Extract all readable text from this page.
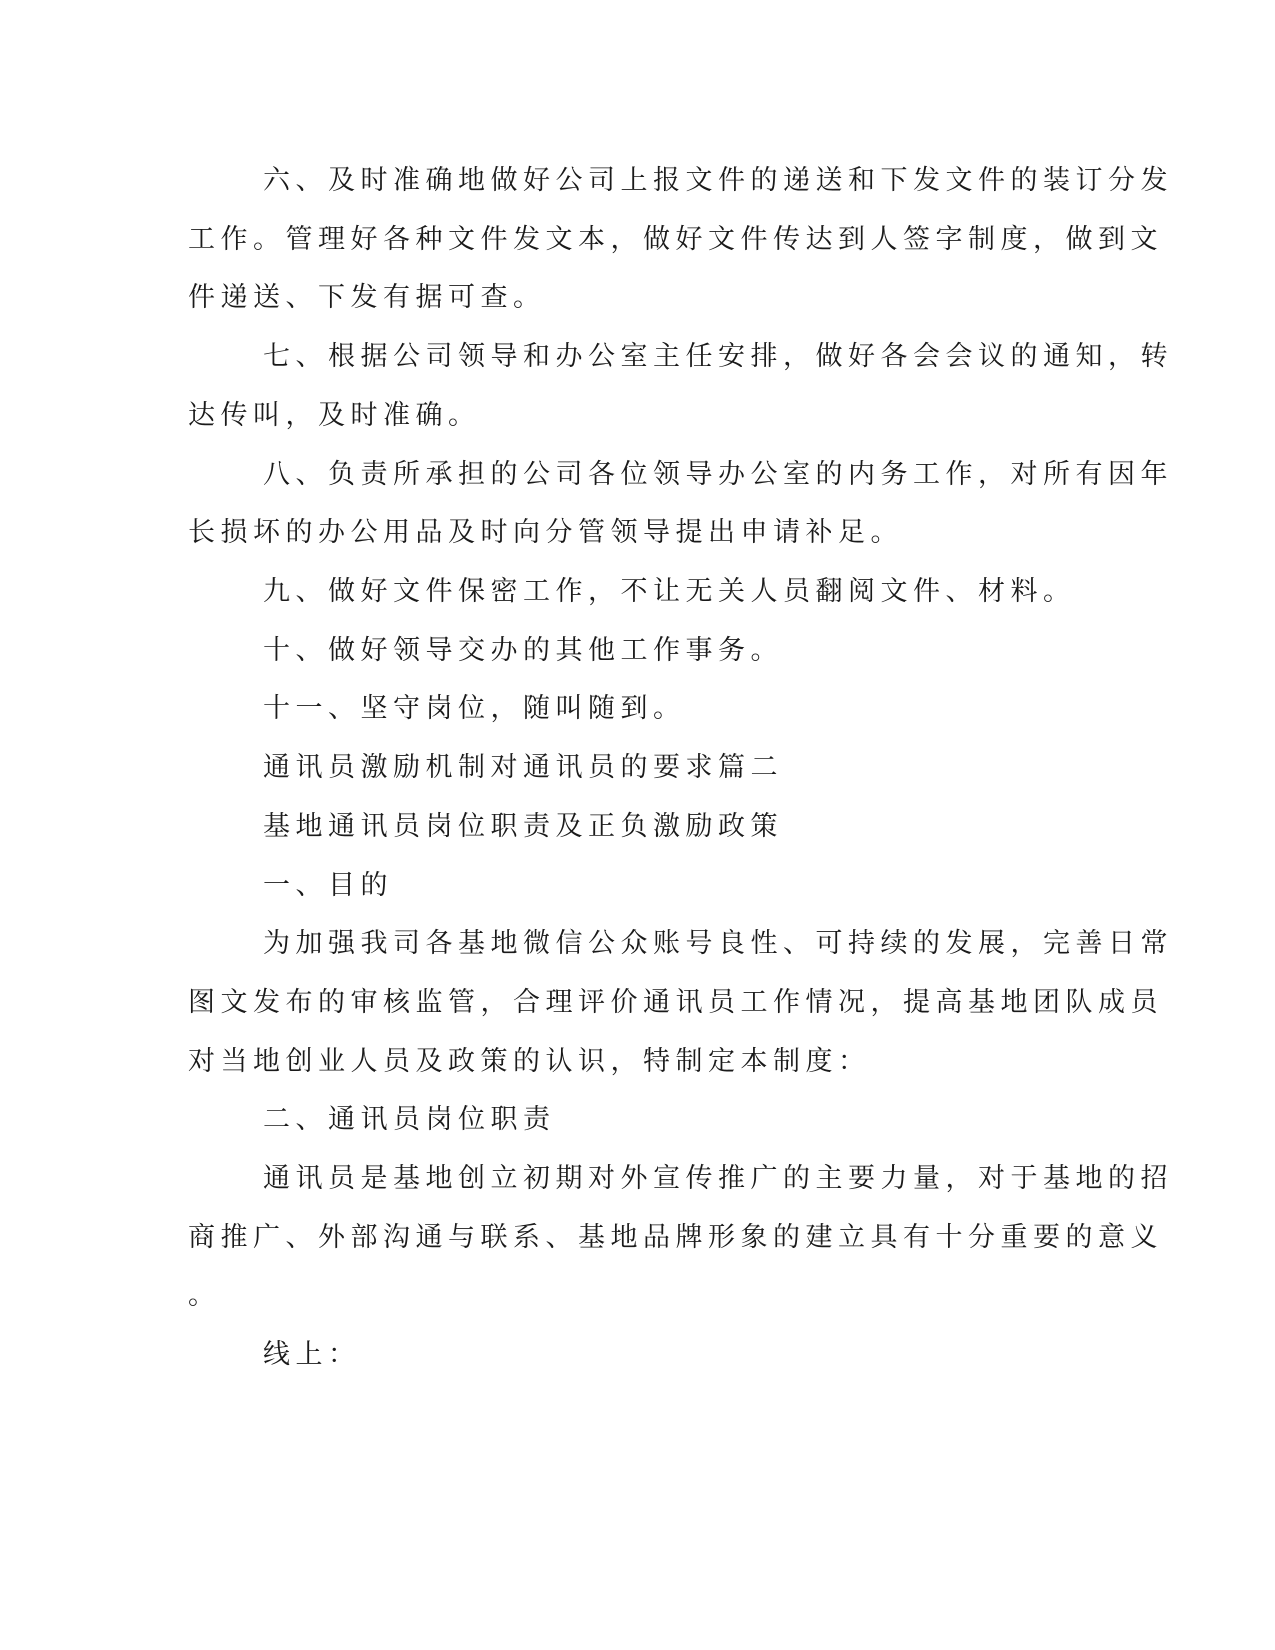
六、及时准确地做好公司上报文件的递送和下发文件的装订分发
工作。管理好各种文件发文本，做好文件传达到人签字制度，做到文
件递送、下发有据可查。
七、根据公司领导和办公室主任安排，做好各会会议的通知，转
达传叫，及时准确。
八、负责所承担的公司各位领导办公室的内务工作，对所有因年
长损坏的办公用品及时向分管领导提出申请补足。
九、做好文件保密工作，不让无关人员翻阅文件、材料。
十、做好领导交办的其他工作事务。
十一、坚守岗位，随叫随到。
通讯员激励机制对通讯员的要求篇二
基地通讯员岗位职责及正负激励政策
一、目的
为加强我司各基地微信公众账号良性、可持续的发展，完善日常
图文发布的审核监管，合理评价通讯员工作情况，提高基地团队成员
对当地创业人员及政策的认识，特制定本制度：
二、通讯员岗位职责
通讯员是基地创立初期对外宣传推广的主要力量，对于基地的招
商推广、外部沟通与联系、基地品牌形象的建立具有十分重要的意义
。
线上：
